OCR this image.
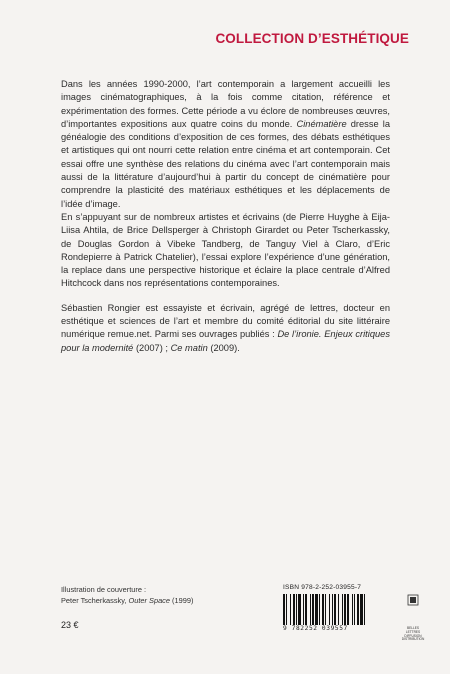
COLLECTION D’ESTHÉTIQUE

Dans les années 1990-2000, l’art contemporain a largement accueilli les images cinématographiques, à la fois comme citation, référence et expérimentation des formes. Cette période a vu éclore de nombreuses œuvres, d’importantes expositions aux quatre coins du monde. Cinématière dresse la généalogie des conditions d’exposition de ces formes, des débats esthétiques et artistiques qui ont nourri cette relation entre cinéma et art contemporain. Cet essai offre une synthèse des relations du cinéma avec l’art contemporain mais aussi de la littérature d’aujourd’hui à partir du concept de cinématière pour comprendre la plasticité des matériaux esthétiques et les déplacements de l’idée d’image.

En s’appuyant sur de nombreux artistes et écrivains (de Pierre Huyghe à Eija-Liisa Ahtila, de Brice Dellsperger à Christoph Girardet ou Peter Tscherkassky, de Douglas Gordon à Vibeke Tandberg, de Tanguy Viel à Claro, d’Eric Rondepierre à Patrick Chatelier), l’essai explore l’expérience d’une génération, la replace dans une perspective historique et éclaire la place centrale d’Alfred Hitchcock dans nos représentations contemporaines.

Sébastien Rongier est essayiste et écrivain, agrégé de lettres, docteur en esthétique et sciences de l’art et membre du comité éditorial du site littéraire numérique remue.net. Parmi ses ouvrages publiés : De l’ironie. Enjeux critiques pour la modernité (2007) ; Ce matin (2009).

Illustration de couverture :
Peter Tscherkassky, Outer Space (1999)
23 €
ISBN 978-2-252-03955-7
9 782252 039557	BELLES LETTRES DIFFUSION DISTRIBUTION
